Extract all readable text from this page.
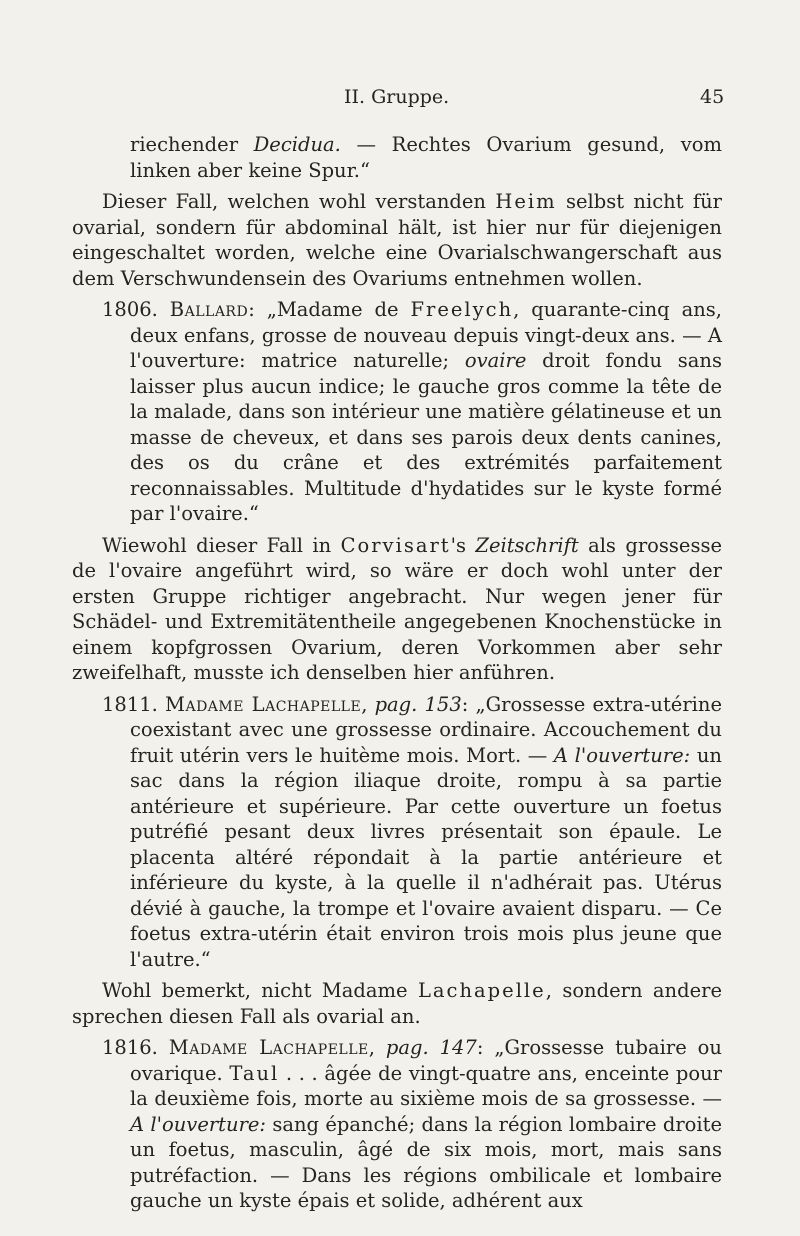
II. Gruppe.	45

riechender Decidua. — Rechtes Ovarium gesund, vom linken aber keine Spur.“

Dieser Fall, welchen wohl verstanden Heim selbst nicht für ovarial, sondern für abdominal hält, ist hier nur für diejenigen eingeschaltet worden, welche eine Ovarialschwangerschaft aus dem Verschwundensein des Ovariums entnehmen wollen.

1806. Ballard: „Madame de Freelych, quarante-cinq ans, deux enfans, grosse de nouveau depuis vingt-deux ans. — A l'ouverture: matrice naturelle; ovaire droit fondu sans laisser plus aucun indice; le gauche gros comme la tête de la malade, dans son intérieur une matière gélatineuse et un masse de cheveux, et dans ses parois deux dents canines, des os du crâne et des extrémités parfaitement reconnaissables. Multitude d'hydatides sur le kyste formé par l'ovaire.“

Wiewohl dieser Fall in Corvisart's Zeitschrift als grossesse de l'ovaire angeführt wird, so wäre er doch wohl unter der ersten Gruppe richtiger angebracht. Nur wegen jener für Schädel- und Extremitätentheile angegebenen Knochenstücke in einem kopfgrossen Ovarium, deren Vorkommen aber sehr zweifelhaft, musste ich denselben hier anführen.

1811. Madame Lachapelle, pag. 153: „Grossesse extra-utérine coexistant avec une grossesse ordinaire. Accouchement du fruit utérin vers le huitème mois. Mort. — A l'ouverture: un sac dans la région iliaque droite, rompu à sa partie antérieure et supérieure. Par cette ouverture un foetus putréfié pesant deux livres présentait son épaule. Le placenta altéré répondait à la partie antérieure et inférieure du kyste, à la quelle il n'adhérait pas. Utérus dévié à gauche, la trompe et l'ovaire avaient disparu. — Ce foetus extra-utérin était environ trois mois plus jeune que l'autre.“

Wohl bemerkt, nicht Madame Lachapelle, sondern andere sprechen diesen Fall als ovarial an.

1816. Madame Lachapelle, pag. 147: „Grossesse tubaire ou ovarique. Taul . . . âgée de vingt-quatre ans, enceinte pour la deuxième fois, morte au sixième mois de sa grossesse. — A l'ouverture: sang épanché; dans la région lombaire droite un foetus, masculin, âgé de six mois, mort, mais sans putréfaction. — Dans les régions ombilicale et lombaire gauche un kyste épais et solide, adhérent aux
